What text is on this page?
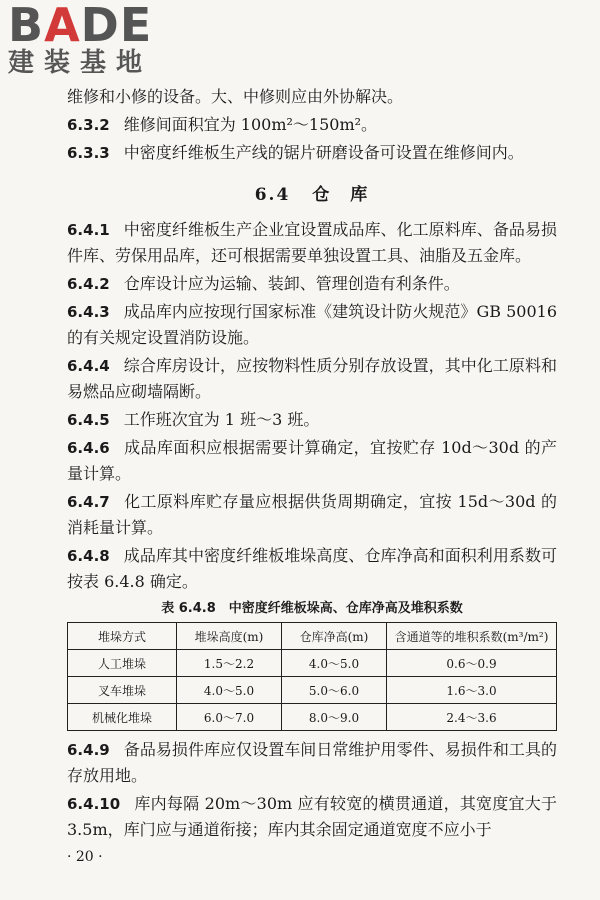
BADE
建装基地

维修和小修的设备。大、中修则应由外协解决。

6.3.2 维修间面积宜为 100m²～150m²。

6.3.3 中密度纤维板生产线的锯片研磨设备可设置在维修间内。

6.4 仓　库

6.4.1 中密度纤维板生产企业宜设置成品库、化工原料库、备品易损件库、劳保用品库，还可根据需要单独设置工具、油脂及五金库。

6.4.2 仓库设计应为运输、装卸、管理创造有利条件。

6.4.3 成品库内应按现行国家标准《建筑设计防火规范》GB 50016 的有关规定设置消防设施。

6.4.4 综合库房设计，应按物料性质分别存放设置，其中化工原料和易燃品应砌墙隔断。

6.4.5 工作班次宜为 1 班～3 班。

6.4.6 成品库面积应根据需要计算确定，宜按贮存 10d～30d 的产量计算。

6.4.7 化工原料库贮存量应根据供货周期确定，宜按 15d～30d 的消耗量计算。

6.4.8 成品库其中密度纤维板堆垛高度、仓库净高和面积利用系数可按表 6.4.8 确定。

表 6.4.8　中密度纤维板垛高、仓库净高及堆积系数
堆垛方式	堆垛高度(m)	仓库净高(m)	含通道等的堆积系数(m³/m²)
人工堆垛	1.5～2.2	4.0～5.0	0.6～0.9
叉车堆垛	4.0～5.0	5.0～6.0	1.6～3.0
机械化堆垛	6.0～7.0	8.0～9.0	2.4～3.6

6.4.9 备品易损件库应仅设置车间日常维护用零件、易损件和工具的存放用地。

6.4.10 库内每隔 20m～30m 应有较宽的横贯通道，其宽度宜大于 3.5m，库门应与通道衔接；库内其余固定通道宽度不应小于

· 20 ·
